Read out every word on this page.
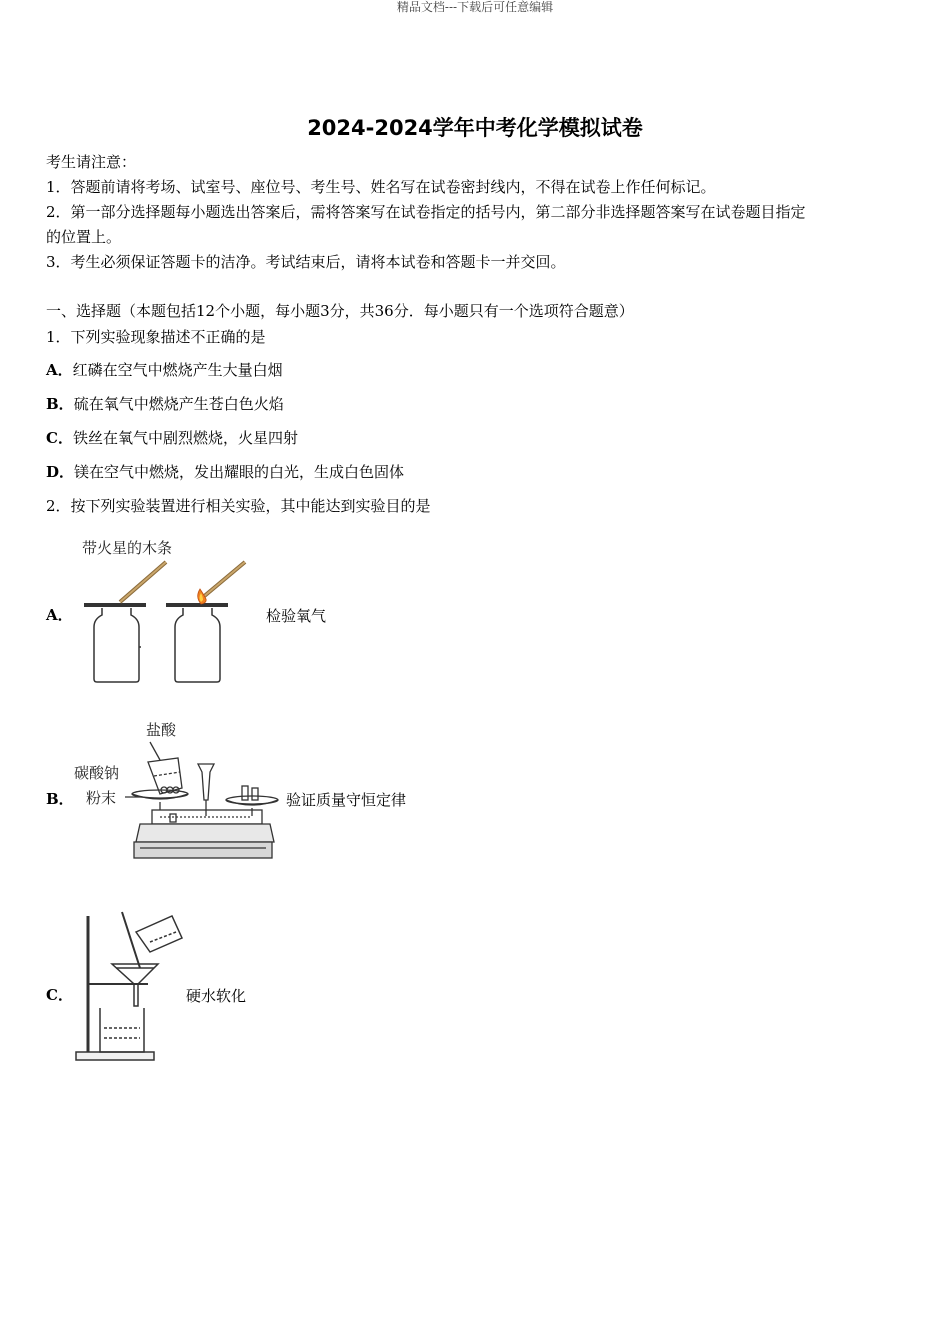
精品文档---下载后可任意编辑
2024-2024学年中考化学模拟试卷
考生请注意：
1．答题前请将考场、试室号、座位号、考生号、姓名写在试卷密封线内，不得在试卷上作任何标记。
2．第一部分选择题每小题选出答案后，需将答案写在试卷指定的括号内，第二部分非选择题答案写在试卷题目指定
的位置上。
3．考生必须保证答题卡的洁净。考试结束后，请将本试卷和答题卡一并交回。
一、选择题（本题包括12个小题，每小题3分，共36分．每小题只有一个选项符合题意）
1．下列实验现象描述不正确的是
A．红磷在空气中燃烧产生大量白烟
B．硫在氧气中燃烧产生苍白色火焰
C．铁丝在氧气中剧烈燃烧，火星四射
D．镁在空气中燃烧，发出耀眼的白光，生成白色固体
2．按下列实验装置进行相关实验，其中能达到实验目的是
A．
带火星的木条
检验氧气
B．
盐酸
碳酸钠
粉末	验证质量守恒定律
C．	硬水软化
